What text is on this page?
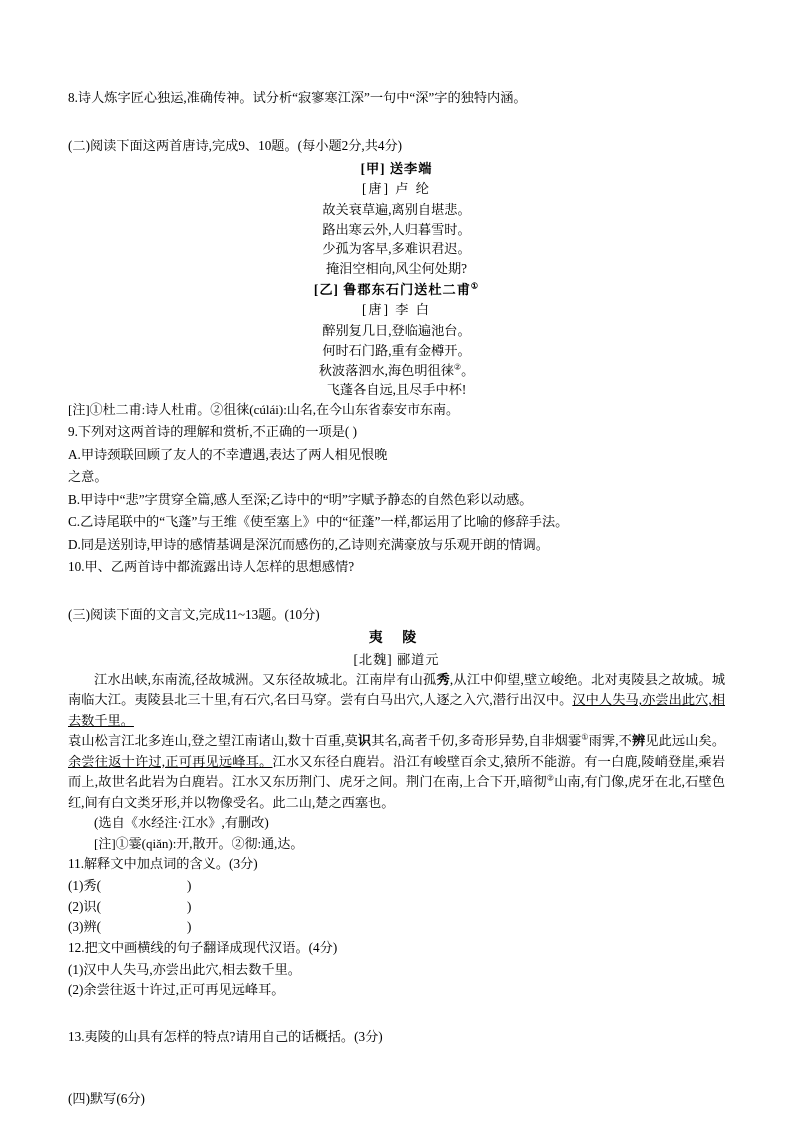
8.诗人炼字匠心独运,准确传神。试分析“寂寥寒江深”一句中“深”字的独特内涵。

(二)阅读下面这两首唐诗,完成9、10题。(每小题2分,共4分)

[甲] 送李端

[唐] 卢 纶

故关衰草遍,离别自堪悲。

路出寒云外,人归暮雪时。

少孤为客早,多难识君迟。

掩泪空相向,风尘何处期?

[乙] 鲁郡东石门送杜二甫①

[唐] 李 白

醉别复几日,登临遍池台。

何时石门路,重有金樽开。

秋波落泗水,海色明徂徕②。

飞蓬各自远,且尽手中杯!

[注]①杜二甫:诗人杜甫。②徂徕(cúlái):山名,在今山东省泰安市东南。

9.下列对这两首诗的理解和赏析,不正确的一项是( )

A.甲诗颈联回顾了友人的不幸遭遇,表达了两人相见恨晚

之意。

B.甲诗中“悲”字贯穿全篇,感人至深;乙诗中的“明”字赋予静态的自然色彩以动感。

C.乙诗尾联中的“飞蓬”与王维《使至塞上》中的“征蓬”一样,都运用了比喻的修辞手法。

D.同是送别诗,甲诗的感情基调是深沉而感伤的,乙诗则充满豪放与乐观开朗的情调。

10.甲、乙两首诗中都流露出诗人怎样的思想感情?

(三)阅读下面的文言文,完成11~13题。(10分)

夷 陵

[北魏] 郦道元

江水出峡,东南流,径故城洲。又东径故城北。江南岸有山孤秀,从江中仰望,壁立峻绝。北对夷陵县之故城。城南临大江。夷陵县北三十里,有石穴,名曰马穿。尝有白马出穴,人逐之入穴,潜行出汉中。汉中人失马,亦尝出此穴,相去数千里。

袁山松言江北多连山,登之望江南诸山,数十百重,莫识其名,高者千仞,多奇形异势,自非烟霎①雨霁,不辨见此远山矣。余尝往返十许过,正可再见远峰耳。江水又东径白鹿岩。沿江有峻壁百余丈,猿所不能游。有一白鹿,陵峭登崖,乘岩而上,故世名此岩为白鹿岩。江水又东历荆门、虎牙之间。荆门在南,上合下开,暗彻②山南,有门像,虎牙在北,石壁色红,间有白文类牙形,并以物像受名。此二山,楚之西塞也。

(选自《水经注·江水》,有删改)

[注]①霎(qiǎn):开,散开。②彻:通,达。

11.解释文中加点词的含义。(3分)

(1)秀(	)

(2)识(	)

(3)辨(	)

12.把文中画横线的句子翻译成现代汉语。(4分)

(1)汉中人失马,亦尝出此穴,相去数千里。

(2)余尝往返十许过,正可再见远峰耳。

13.夷陵的山具有怎样的特点?请用自己的话概括。(3分)

(四)默写(6分)
